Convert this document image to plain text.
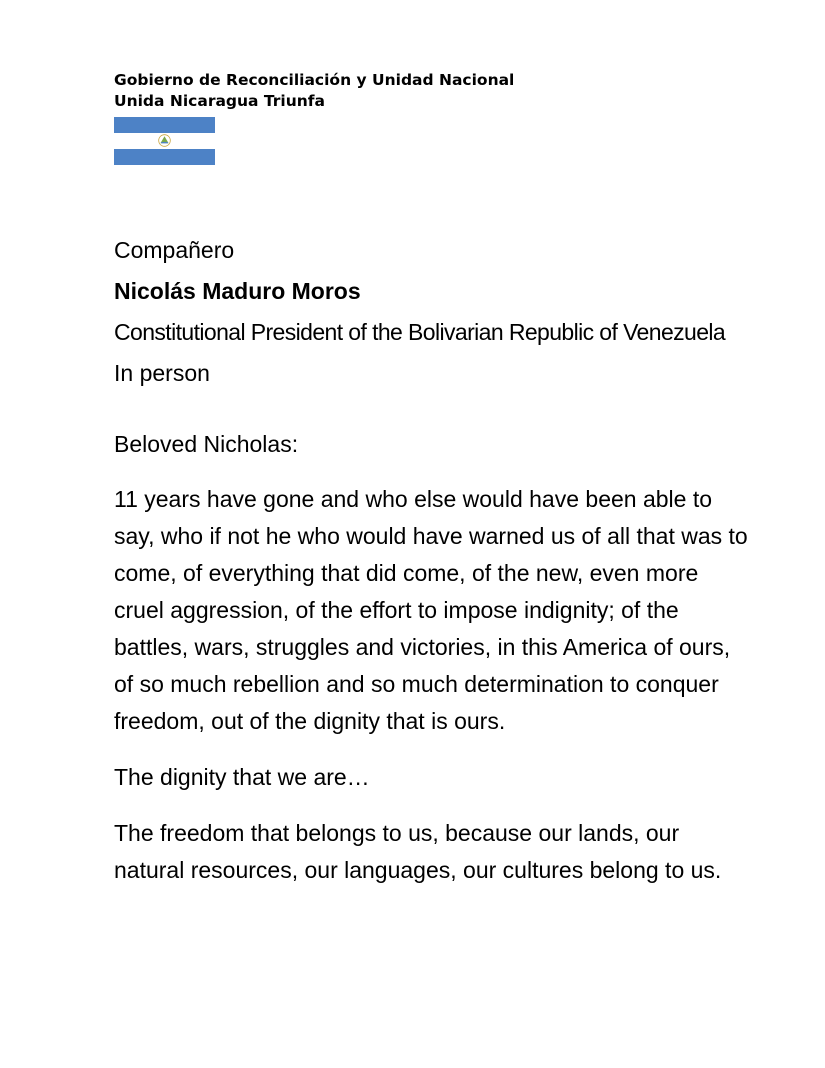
Gobierno de Reconciliación y Unidad Nacional
Unida Nicaragua Triunfa
Compañero
Nicolás Maduro Moros
Constitutional President of the Bolivarian Republic of Venezuela
In person
Beloved Nicholas:
11 years have gone and who else would have been able to say, who if not he who would have warned us of all that was to come, of everything that did come, of the new, even more cruel aggression, of the effort to impose indignity; of the battles, wars, struggles and victories, in this America of ours, of so much rebellion and so much determination to conquer freedom, out of the dignity that is ours.
The dignity that we are…
The freedom that belongs to us, because our lands, our natural resources, our languages, our cultures belong to us.
